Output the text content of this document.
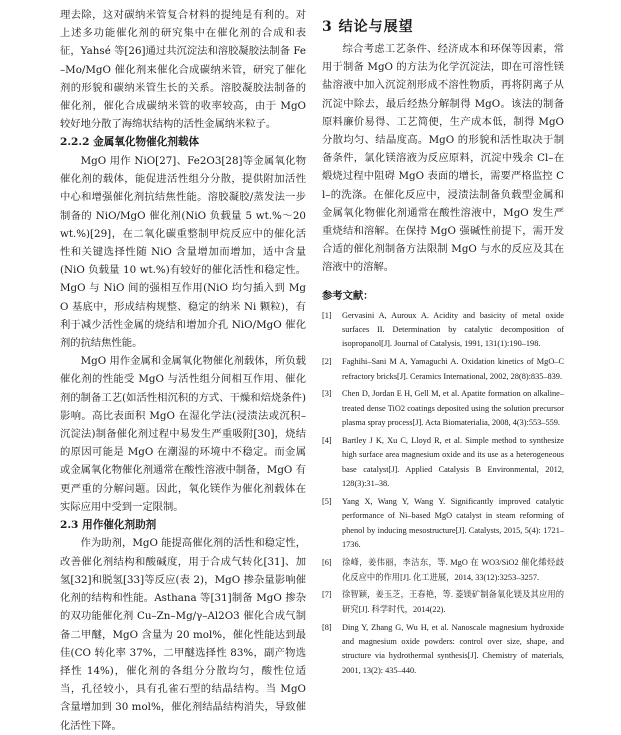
理去除，这对碳纳米管复合材料的提纯是有利的。对上述多功能催化剂的研究集中在催化剂的合成和表征，Yahsé 等[26]通过共沉淀法和溶胶凝胶法制备 Fe–Mo/MgO 催化剂来催化合成碳纳米管，研究了催化剂的形貌和碳纳米管生长的关系。溶胶凝胶法制备的催化剂，催化合成碳纳米管的收率较高，由于 MgO 较好地分散了海绵状结构的活性金属纳米粒子。

2.2.2 金属氧化物催化剂载体

MgO 用作 NiO[27]、Fe2O3[28]等金属氧化物催化剂的载体，能促进活性组分分散，提供附加活性中心和增强催化剂抗结焦性能。溶胶凝胶/蒸发法一步制备的 NiO/MgO 催化剂(NiO 负载量 5 wt.%～20 wt.%)[29]，在二氧化碳重整制甲烷反应中的催化活性和关键选择性随 NiO 含量增加而增加，适中含量(NiO 负载量 10 wt.%)有较好的催化活性和稳定性。MgO 与 NiO 间的强相互作用(NiO 均匀插入到 MgO 基底中，形成结构规整、稳定的纳米 Ni 颗粒)，有利于减少活性金属的烧结和增加介孔 NiO/MgO 催化剂的抗结焦性能。

MgO 用作金属和金属氧化物催化剂载体，所负载催化剂的性能受 MgO 与活性组分间相互作用、催化剂的制备工艺(如活性相沉积的方式、干燥和焙烧条件)影响。高比表面积 MgO 在湿化学法(浸渍法或沉积–沉淀法)制备催化剂过程中易发生严重吸附[30]，烧结的原因可能是 MgO 在潮湿的环境中不稳定。而金属或金属氧化物催化剂通常在酸性溶液中制备，MgO 有更严重的分解问题。因此，氧化镁作为催化剂载体在实际应用中受到一定限制。

2.3 用作催化剂助剂

作为助剂，MgO 能提高催化剂的活性和稳定性，改善催化剂结构和酸碱度，用于合成气转化[31]、加氢[32]和脱氢[33]等反应(表 2)，MgO 掺杂量影响催化剂的结构和性能。Asthana 等[31]制备 MgO 掺杂的双功能催化剂 Cu–Zn–Mg/γ–Al2O3 催化合成气制备二甲醚，MgO 含量为 20 mol%，催化性能达到最佳(CO 转化率 37%，二甲醚选择性 83%，副产物选择性 14%)，催化剂的各组分分散均匀，酸性位适当，孔径较小，具有孔雀石型的结晶结构。当 MgO 含量增加到 30 mol%，催化剂结晶结构消失，导致催化活性下降。

3 结论与展望

综合考虑工艺条件、经济成本和环保等因素，常用于制备 MgO 的方法为化学沉淀法，即在可溶性镁盐溶液中加入沉淀剂形成不溶性物质，再将阴离子从沉淀中除去，最后经热分解制得 MgO。该法的制备原料廉价易得、工艺简便，生产成本低，制得 MgO 分散均匀、结晶度高。MgO 的形貌和活性取决于制备条件，氯化镁溶液为反应原料，沉淀中残余 Cl–在煅烧过程中阻碍 MgO 表面的增长，需要严格监控 Cl–的洗涤。在催化反应中，浸渍法制备负载型金属和金属氧化物催化剂通常在酸性溶液中，MgO 发生严重烧结和溶解。在保持 MgO 强碱性前提下，需开发合适的催化剂制备方法限制 MgO 与水的反应及其在溶液中的溶解。

参考文献：

[1]	Gervasini A, Auroux A. Acidity and basicity of metal oxide surfaces II. Determination by catalytic decomposition of isopropanol[J]. Journal of Catalysis, 1991, 131(1):190–198.
[2]	Faghihi–Sani M A, Yamaguchi A. Oxidation kinetics of MgO–C refractory bricks[J]. Ceramics International, 2002, 28(8):835–839.
[3]	Chen D, Jordan E H, Gell M, et al. Apatite formation on alkaline–treated dense TiO2 coatings deposited using the solution precursor plasma spray process[J]. Acta Biomaterialia, 2008, 4(3):553–559.
[4]	Bartley J K, Xu C, Lloyd R, et al. Simple method to synthesize high surface area magnesium oxide and its use as a heterogeneous base catalyst[J]. Applied Catalysis B Environmental, 2012, 128(3):31–38.
[5]	Yang X, Wang Y, Wang Y. Significantly improved catalytic performance of Ni–based MgO catalyst in steam reforming of phenol by inducing mesostructure[J]. Catalysts, 2015, 5(4): 1721–1736.
[6]	徐峰，姜伟丽，李洁东，等. MgO 在 WO3/SiO2 催化烯烃歧化反应中的作用[J]. 化工进展，2014, 33(12):3253–3257.
[7]	徐智颖，姜玉芝，王春艳，等. 菱镁矿制备氧化镁及其应用的研究[J]. 科学时代，2014(22).
[8]	Ding Y, Zhang G, Wu H, et al. Nanoscale magnesium hydroxide and magnesium oxide powders: control over size, shape, and structure via hydrothermal synthesis[J]. Chemistry of materials, 2001, 13(2): 435–440.
